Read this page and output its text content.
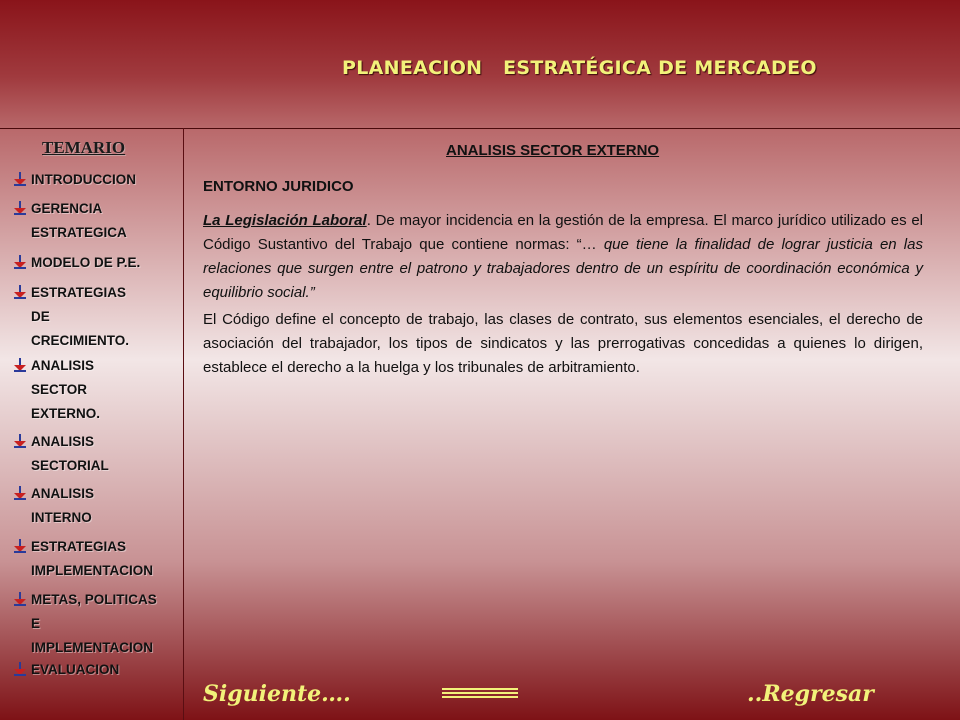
PLANEACION   ESTRATÉGICA DE MERCADEO
TEMARIO
INTRODUCCION
GERENCIA
ESTRATEGICA
MODELO DE P.E.
ESTRATEGIAS
DE
CRECIMIENTO.
ANALISIS
SECTOR
EXTERNO.
ANALISIS
SECTORIAL
ANALISIS
INTERNO
ESTRATEGIAS
IMPLEMENTACION
METAS, POLITICAS
E
IMPLEMENTACION
EVALUACION
ANALISIS SECTOR EXTERNO
ENTORNO JURIDICO
La Legislación Laboral. De mayor incidencia en la gestión de la empresa. El marco jurídico utilizado es el Código Sustantivo del Trabajo que contiene normas: “… que tiene la finalidad de lograr justicia en las relaciones que surgen entre el patrono y trabajadores dentro de un espíritu de coordinación económica y equilibrio social.”
El Código define el concepto de trabajo, las clases de contrato, sus elementos esenciales, el derecho de asociación del trabajador, los tipos de sindicatos y las prerrogativas concedidas a quienes lo dirigen, establece el derecho a la huelga y los tribunales de arbitramiento.
Siguiente….	..Regresar
